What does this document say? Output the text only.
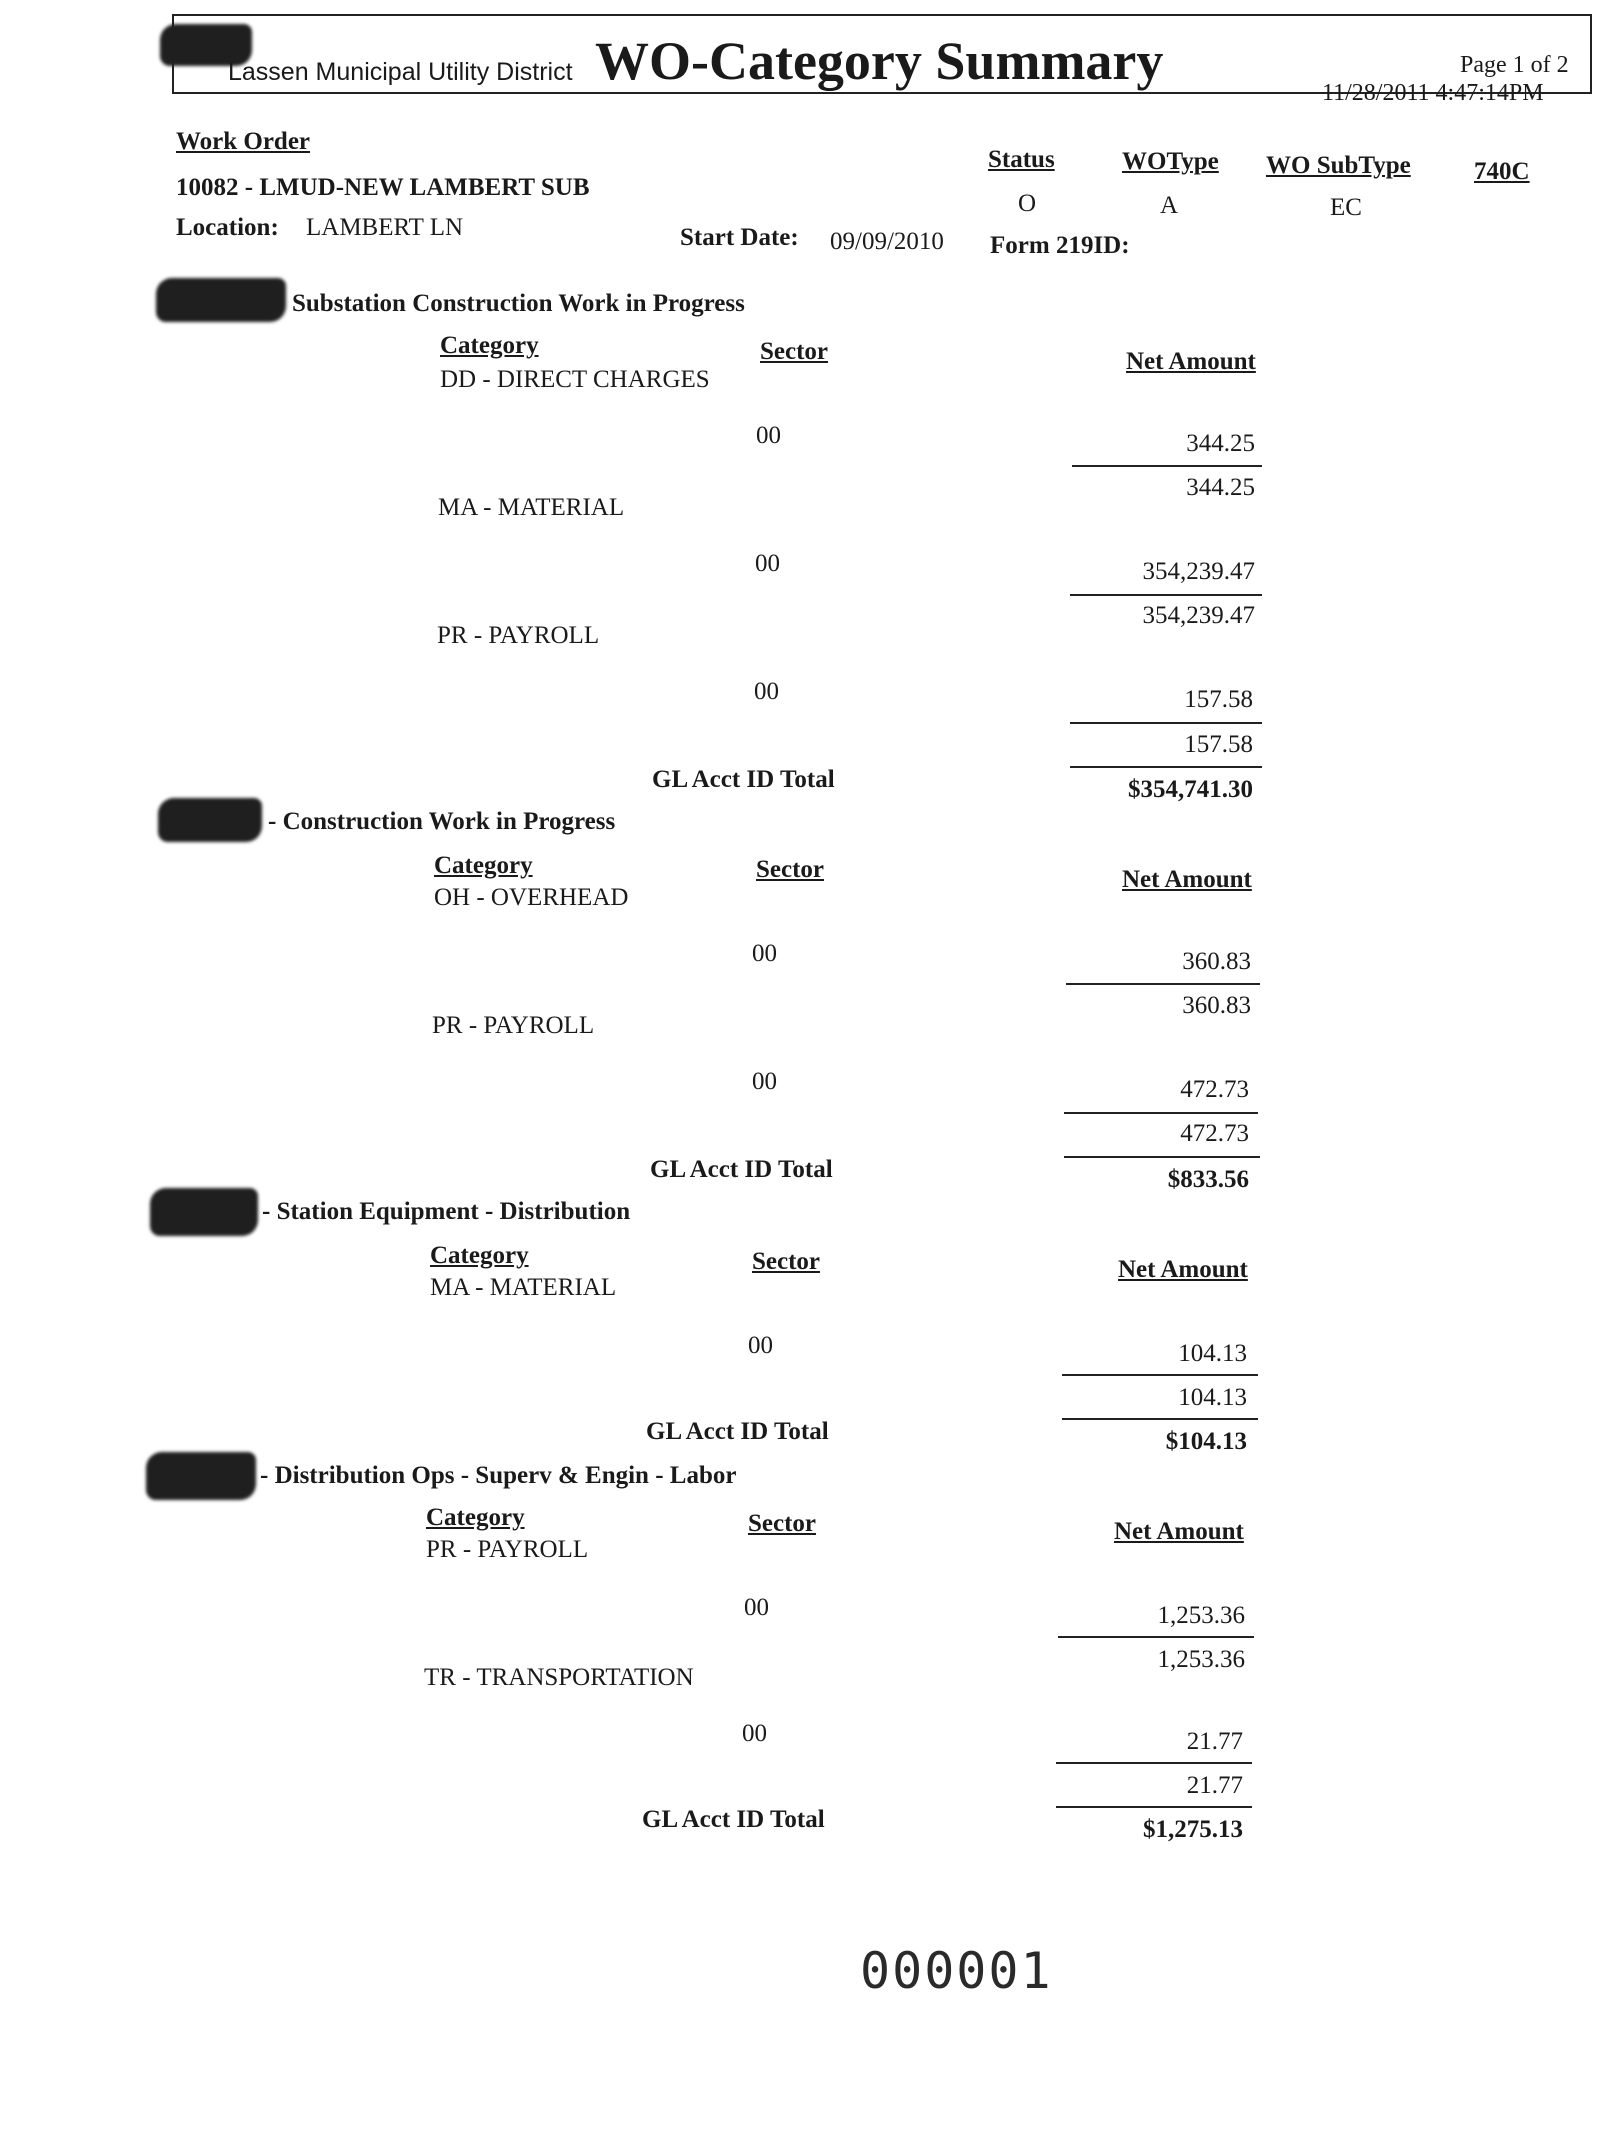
Lassen Municipal Utility District WO-Category Summary	Page 1 of 2
11/28/2011 4:47:14PM
Work Order
10082 - LMUD-NEW LAMBERT SUB
Location: LAMBERT LN	Start Date: 09/09/2010 Form 219ID:
Status
O
WOType
A
WO SubType
EC
740C
Substation Construction Work in Progress
Category	Sector	Net Amount
DD - DIRECT CHARGES
00	344.25
344.25
MA - MATERIAL
00	354,239.47
354,239.47
PR - PAYROLL
00	157.58
157.58
GL Acct ID Total	$354,741.30
- Construction Work in Progress
Category	Sector	Net Amount
OH - OVERHEAD
00	360.83
360.83
PR - PAYROLL
00	472.73
472.73
GL Acct ID Total	$833.56
- Station Equipment - Distribution
Category	Sector	Net Amount
MA - MATERIAL
00	104.13
104.13
GL Acct ID Total	$104.13
- Distribution Ops - Superv & Engin - Labor
Category	Sector	Net Amount
PR - PAYROLL
00	1,253.36
1,253.36
TR - TRANSPORTATION
00	21.77
21.77
GL Acct ID Total	$1,275.13
000001
